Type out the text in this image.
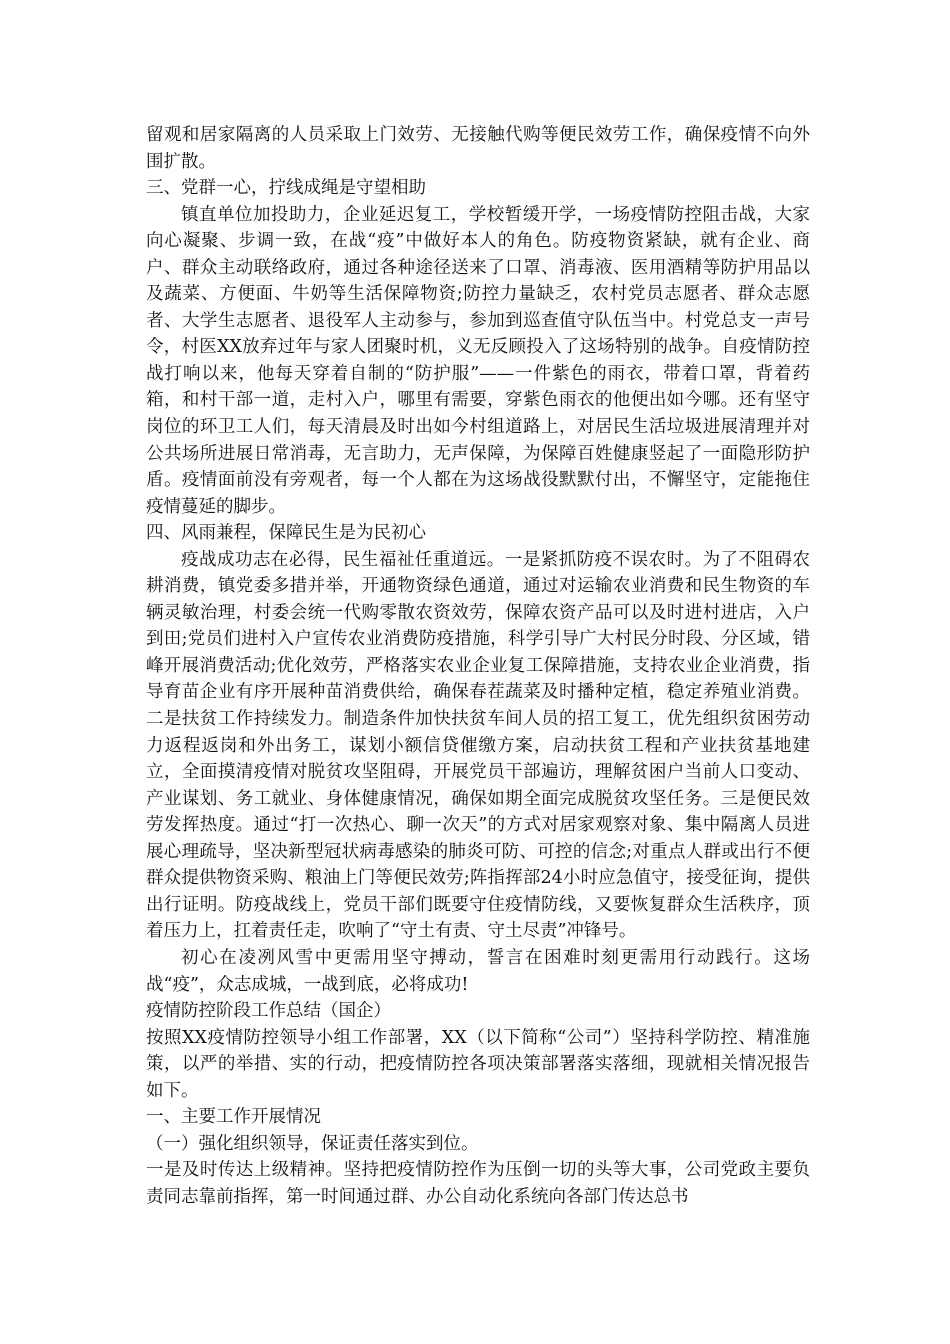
留观和居家隔离的人员采取上门效劳、无接触代购等便民效劳工作，确保疫情不向外围扩散。

三、党群一心，拧线成绳是守望相助

镇直单位加投助力，企业延迟复工，学校暂缓开学，一场疫情防控阻击战，大家向心凝聚、步调一致，在战“疫”中做好本人的角色。防疫物资紧缺，就有企业、商户、群众主动联络政府，通过各种途径送来了口罩、消毒液、医用酒精等防护用品以及蔬菜、方便面、牛奶等生活保障物资;防控力量缺乏，农村党员志愿者、群众志愿者、大学生志愿者、退役军人主动参与，参加到巡查值守队伍当中。村党总支一声号令，村医XX放弃过年与家人团聚时机，义无反顾投入了这场特别的战争。自疫情防控战打响以来，他每天穿着自制的“防护服”——一件紫色的雨衣，带着口罩，背着药箱，和村干部一道，走村入户，哪里有需要，穿紫色雨衣的他便出如今哪。还有坚守岗位的环卫工人们，每天清晨及时出如今村组道路上，对居民生活垃圾进展清理并对公共场所进展日常消毒，无言助力，无声保障，为保障百姓健康竖起了一面隐形防护盾。疫情面前没有旁观者，每一个人都在为这场战役默默付出，不懈坚守，定能拖住疫情蔓延的脚步。

四、风雨兼程，保障民生是为民初心

疫战成功志在必得，民生福祉任重道远。一是紧抓防疫不误农时。为了不阻碍农耕消费，镇党委多措并举，开通物资绿色通道，通过对运输农业消费和民生物资的车辆灵敏治理，村委会统一代购零散农资效劳，保障农资产品可以及时进村进店，入户到田;党员们进村入户宣传农业消费防疫措施，科学引导广大村民分时段、分区域，错峰开展消费活动;优化效劳，严格落实农业企业复工保障措施，支持农业企业消费，指导育苗企业有序开展种苗消费供给，确保春茬蔬菜及时播种定植，稳定养殖业消费。二是扶贫工作持续发力。制造条件加快扶贫车间人员的招工复工，优先组织贫困劳动力返程返岗和外出务工，谋划小额信贷催缴方案，启动扶贫工程和产业扶贫基地建立，全面摸清疫情对脱贫攻坚阻碍，开展党员干部遍访，理解贫困户当前人口变动、产业谋划、务工就业、身体健康情况，确保如期全面完成脱贫攻坚任务。三是便民效劳发挥热度。通过“打一次热心、聊一次天”的方式对居家观察对象、集中隔离人员进展心理疏导，坚决新型冠状病毒感染的肺炎可防、可控的信念;对重点人群或出行不便群众提供物资采购、粮油上门等便民效劳;阵指挥部24小时应急值守，接受征询，提供出行证明。防疫战线上，党员干部们既要守住疫情防线，又要恢复群众生活秩序，顶着压力上，扛着责任走，吹响了“守土有责、守土尽责”冲锋号。

初心在凌冽风雪中更需用坚守搏动，誓言在困难时刻更需用行动践行。这场战“疫”，众志成城，一战到底，必将成功!

疫情防控阶段工作总结（国企）

按照XX疫情防控领导小组工作部署，XX（以下简称“公司”）坚持科学防控、精准施策，以严的举措、实的行动，把疫情防控各项决策部署落实落细，现就相关情况报告如下。

一、主要工作开展情况

（一）强化组织领导，保证责任落实到位。

一是及时传达上级精神。坚持把疫情防控作为压倒一切的头等大事，公司党政主要负责同志靠前指挥，第一时间通过群、办公自动化系统向各部门传达总书
